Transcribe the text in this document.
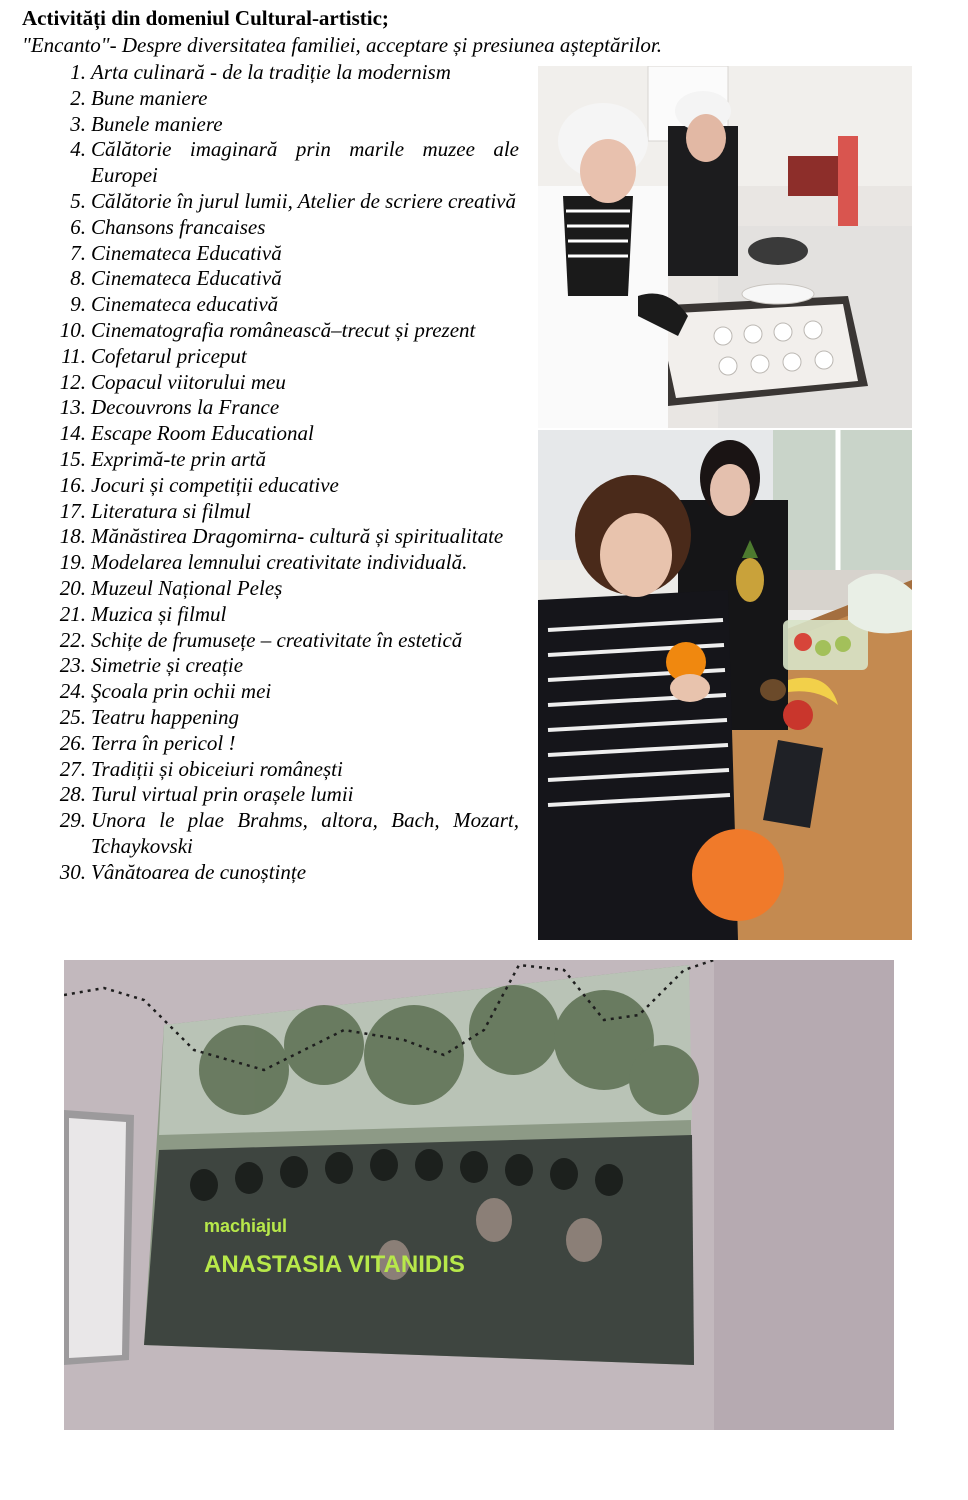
Activități din domeniul Cultural-artistic;
"Encanto"- Despre diversitatea familiei, acceptare și presiunea așteptărilor.
1. Arta culinară - de la tradiție la modernism
2. Bune maniere
3. Bunele maniere
4. Călătorie imaginară prin marile muzee ale Europei
5. Călătorie în jurul lumii, Atelier de scriere creativă
6. Chansons francaises
7. Cinemateca Educativă
8. Cinemateca Educativă
9. Cinemateca educativă
10. Cinematografia românească–trecut și prezent
11. Cofetarul priceput
12. Copacul viitorului meu
13. Decouvrons la France
14. Escape Room Educational
15. Exprimă-te prin artă
16. Jocuri și competiții educative
17. Literatura si filmul
18. Mănăstirea Dragomirna- cultură și spiritualitate
19. Modelarea lemnului creativitate individuală.
20. Muzeul Național Peleș
21. Muzica și filmul
22. Schițe de frumusețe – creativitate în estetică
23. Simetrie și creație
24. Şcoala prin ochii mei
25. Teatru happening
26. Terra în pericol !
27. Tradiții și obiceiuri românești
28. Turul virtual prin orașele lumii
29. Unora le plae Brahms, altora, Bach, Mozart, Tchaykovski
30. Vânătoarea de cunoștințe
machiajul
ANASTASIA VITANIDIS
